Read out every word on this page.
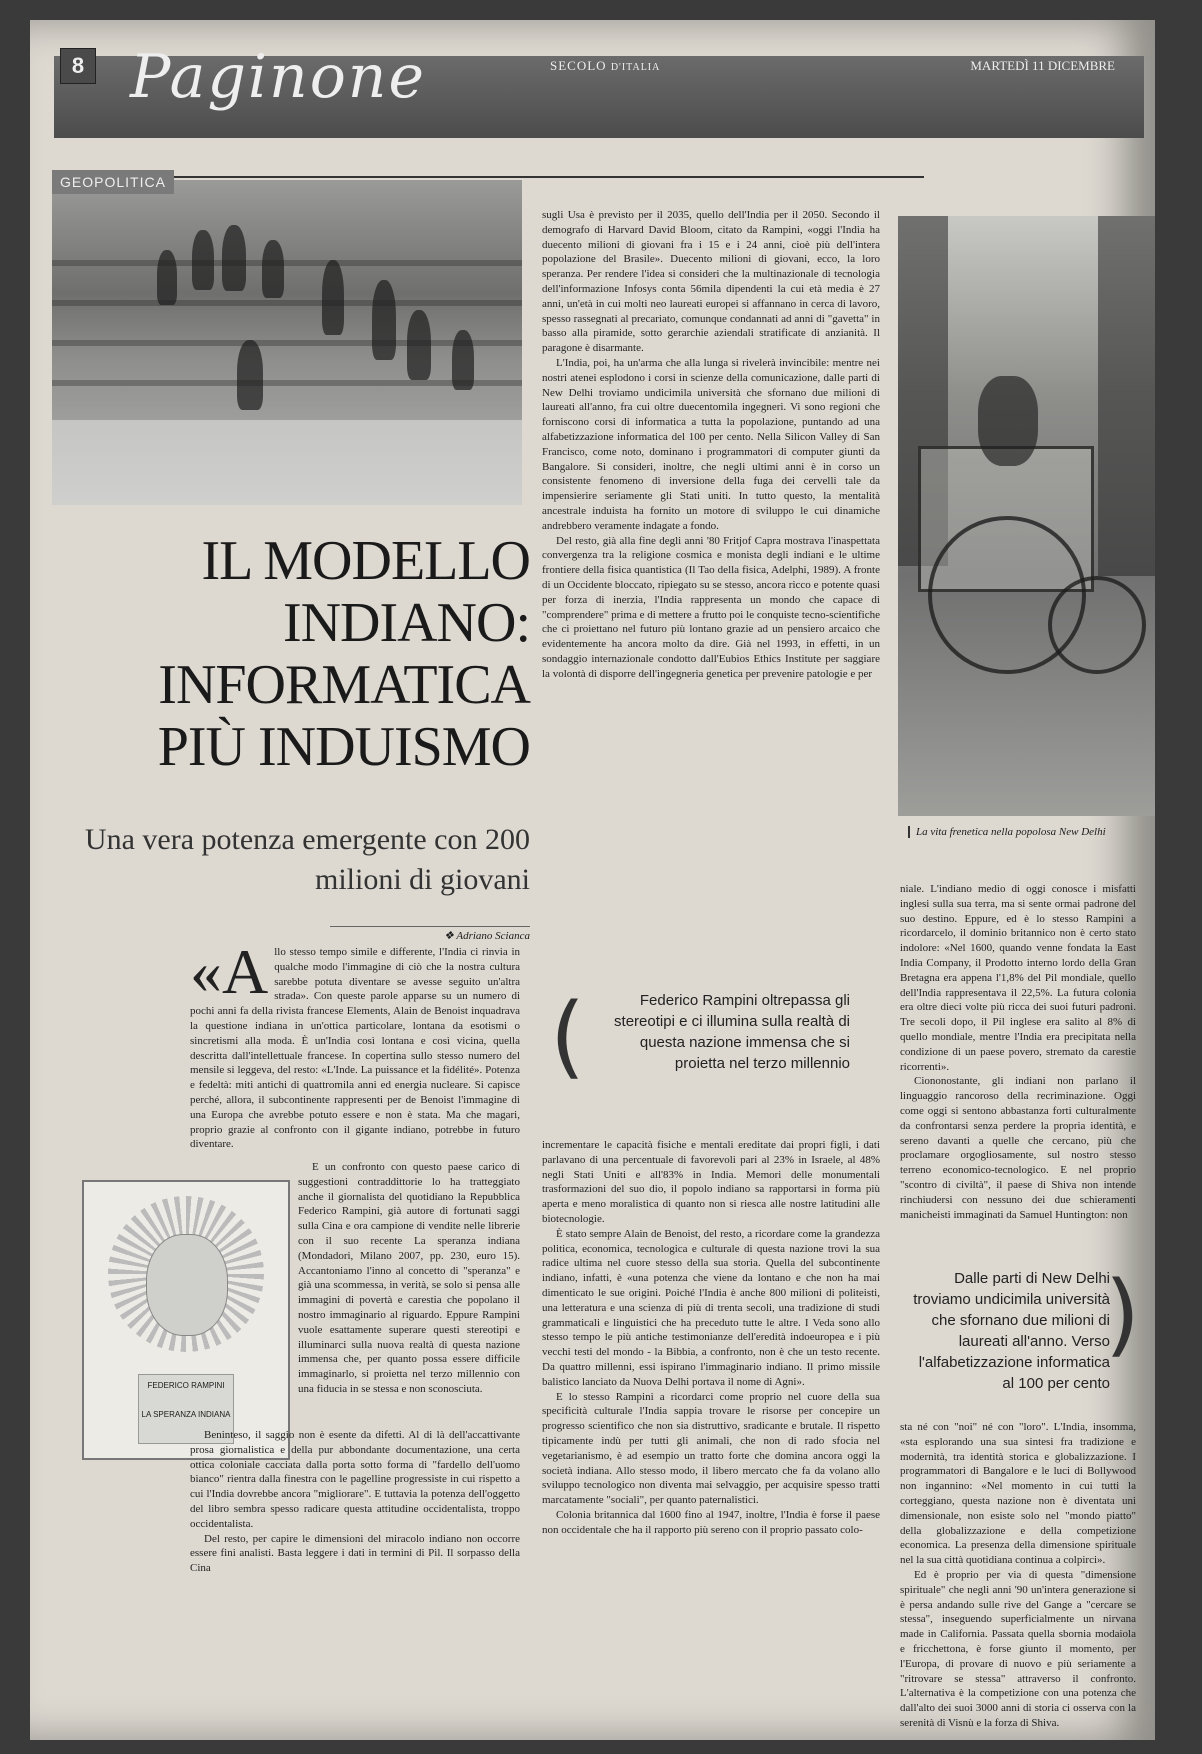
8 Paginone	SECOLO D'ITALIA	MARTEDÌ 11 DICEMBRE
GEOPOLITICA
La vita frenetica nella popolosa New Delhi
IL MODELLO INDIANO: INFORMATICA PIÙ INDUISMO
Una vera potenza emergente con 200 milioni di giovani
❖ Adriano Scianca

«Allo stesso tempo simile e differente, l'India ci rinvia in qualche modo l'immagine di ciò che la nostra cultura sarebbe potuta diventare se avesse seguito un'altra strada». Con queste parole apparse su un numero di pochi anni fa della rivista francese Elements, Alain de Benoist inquadrava la questione indiana in un'ottica particolare, lontana da esotismi o sincretismi alla moda. È un'India così lontana e così vicina, quella descritta dall'intellettuale francese. In copertina sullo stesso numero del mensile si leggeva, del resto: «L'Inde. La puissance et la fidélité». Potenza e fedeltà: miti antichi di quattromila anni ed energia nucleare. Si capisce perché, allora, il subcontinente rappresenti per de Benoist l'immagine di una Europa che avrebbe potuto essere e non è stata. Ma che magari, proprio grazie al confronto con il gigante indiano, potrebbe in futuro diventare.

FEDERICO RAMPINI
LA SPERANZA INDIANA

E un confronto con questo paese carico di suggestioni contraddittorie lo ha tratteggiato anche il giornalista del quotidiano la Repubblica Federico Rampini, già autore di fortunati saggi sulla Cina e ora campione di vendite nelle librerie con il suo recente La speranza indiana (Mondadori, Milano 2007, pp. 230, euro 15). Accantoniamo l'inno al concetto di "speranza" e già una scommessa, in verità, se solo si pensa alle immagini di povertà e carestia che popolano il nostro immaginario al riguardo. Eppure Rampini vuole esattamente superare questi stereotipi e illuminarci sulla nuova realtà di questa nazione immensa che, per quanto possa essere difficile immaginarlo, si proietta nel terzo millennio con una fiducia in se stessa e non sconosciuta.

Beninteso, il saggio non è esente da difetti. Al di là dell'accattivante prosa giornalistica e della pur abbondante documentazione, una certa ottica coloniale cacciata dalla porta sotto forma di "fardello dell'uomo bianco" rientra dalla finestra con le pagelline progressiste in cui rispetto a cui l'India dovrebbe ancora "migliorare". E tuttavia la potenza dell'oggetto del libro sembra spesso radicare questa attitudine occidentalista, troppo occidentalista.

Del resto, per capire le dimensioni del miracolo indiano non occorre essere fini analisti. Basta leggere i dati in termini di Pil. Il sorpasso della Cina

sugli Usa è previsto per il 2035, quello dell'India per il 2050. Secondo il demografo di Harvard David Bloom, citato da Rampini, «oggi l'India ha duecento milioni di giovani fra i 15 e i 24 anni, cioè più dell'intera popolazione del Brasile». Duecento milioni di giovani, ecco, la loro speranza. Per rendere l'idea si consideri che la multinazionale di tecnologia dell'informazione Infosys conta 56mila dipendenti la cui età media è 27 anni, un'età in cui molti neo laureati europei si affannano in cerca di lavoro, spesso rassegnati al precariato, comunque condannati ad anni di "gavetta" in basso alla piramide, sotto gerarchie aziendali stratificate di anzianità. Il paragone è disarmante.

L'India, poi, ha un'arma che alla lunga si rivelerà invincibile: mentre nei nostri atenei esplodono i corsi in scienze della comunicazione, dalle parti di New Delhi troviamo undicimila università che sfornano due milioni di laureati all'anno, fra cui oltre duecentomila ingegneri. Vi sono regioni che forniscono corsi di informatica a tutta la popolazione, puntando ad una alfabetizzazione informatica del 100 per cento. Nella Silicon Valley di San Francisco, come noto, dominano i programmatori di computer giunti da Bangalore. Si consideri, inoltre, che negli ultimi anni è in corso un consistente fenomeno di inversione della fuga dei cervelli tale da impensierire seriamente gli Stati uniti. In tutto questo, la mentalità ancestrale induista ha fornito un motore di sviluppo le cui dinamiche andrebbero veramente indagate a fondo.

Del resto, già alla fine degli anni '80 Fritjof Capra mostrava l'inaspettata convergenza tra la religione cosmica e monista degli indiani e le ultime frontiere della fisica quantistica (Il Tao della fisica, Adelphi, 1989). A fronte di un Occidente bloccato, ripiegato su se stesso, ancora ricco e potente quasi per forza di inerzia, l'India rappresenta un mondo che capace di "comprendere" prima e di mettere a frutto poi le conquiste tecno-scientifiche che ci proiettano nel futuro più lontano grazie ad un pensiero arcaico che evidentemente ha ancora molto da dire. Già nel 1993, in effetti, in un sondaggio internazionale condotto dall'Eubios Ethics Institute per saggiare la volontà di disporre dell'ingegneria genetica per prevenire patologie e per

(	Federico Rampini oltrepassa gli stereotipi e ci illumina sulla realtà di questa nazione immensa che si proietta nel terzo millennio

incrementare le capacità fisiche e mentali ereditate dai propri figli, i dati parlavano di una percentuale di favorevoli pari al 23% in Israele, al 48% negli Stati Uniti e all'83% in India. Memori delle monumentali trasformazioni del suo dio, il popolo indiano sa rapportarsi in forma più aperta e meno moralistica di quanto non si riesca alle nostre latitudini alle biotecnologie.

È stato sempre Alain de Benoist, del resto, a ricordare come la grandezza politica, economica, tecnologica e culturale di questa nazione trovi la sua radice ultima nel cuore stesso della sua storia. Quella del subcontinente indiano, infatti, è «una potenza che viene da lontano e che non ha mai dimenticato le sue origini. Poiché l'India è anche 800 milioni di politeisti, una letteratura e una scienza di più di trenta secoli, una tradizione di studi grammaticali e linguistici che ha preceduto tutte le altre. I Veda sono allo stesso tempo le più antiche testimonianze dell'eredità indoeuropea e i più vecchi testi del mondo - la Bibbia, a confronto, non è che un testo recente. Da quattro millenni, essi ispirano l'immaginario indiano. Il primo missile balistico lanciato da Nuova Delhi portava il nome di Agni».

E lo stesso Rampini a ricordarci come proprio nel cuore della sua specificità culturale l'India sappia trovare le risorse per concepire un progresso scientifico che non sia distruttivo, sradicante e brutale. Il rispetto tipicamente indù per tutti gli animali, che non di rado sfocia nel vegetarianismo, è ad esempio un tratto forte che domina ancora oggi la società indiana. Allo stesso modo, il libero mercato che fa da volano allo sviluppo tecnologico non diventa mai selvaggio, per acquisire spesso tratti marcatamente "sociali", per quanto paternalistici.

Colonia britannica dal 1600 fino al 1947, inoltre, l'India è forse il paese non occidentale che ha il rapporto più sereno con il proprio passato colo-

niale. L'indiano medio di oggi conosce i misfatti inglesi sulla sua terra, ma si sente ormai padrone del suo destino. Eppure, ed è lo stesso Rampini a ricordarcelo, il dominio britannico non è certo stato indolore: «Nel 1600, quando venne fondata la East India Company, il Prodotto interno lordo della Gran Bretagna era appena l'1,8% del Pil mondiale, quello dell'India rappresentava il 22,5%. La futura colonia era oltre dieci volte più ricca dei suoi futuri padroni. Tre secoli dopo, il Pil inglese era salito al 8% di quello mondiale, mentre l'India era precipitata nella condizione di un paese povero, stremato da carestie ricorrenti».

Ciononostante, gli indiani non parlano il linguaggio rancoroso della recriminazione. Oggi come oggi si sentono abbastanza forti culturalmente da confrontarsi senza perdere la propria identità, e sereno davanti a quelle che cercano, più che proclamare orgogliosamente, sul nostro stesso terreno economico-tecnologico. E nel proprio "scontro di civiltà", il paese di Shiva non intende rinchiudersi con nessuno dei due schieramenti manicheisti immaginati da Samuel Huntington: non

Dalle parti di New Delhi troviamo undicimila università che sfornano due milioni di laureati all'anno. Verso l'alfabetizzazione informatica al 100 per cento
)

sta né con "noi" né con "loro". L'India, insomma, «sta esplorando una sua sintesi fra tradizione e modernità, tra identità storica e globalizzazione. I programmatori di Bangalore e le luci di Bollywood non ingannino: «Nel momento in cui tutti la corteggiano, questa nazione non è diventata uni dimensionale, non esiste solo nel "mondo piatto" della globalizzazione e della competizione economica. La presenza della dimensione spirituale nel la sua città quotidiana continua a colpirci».

Ed è proprio per via di questa "dimensione spirituale" che negli anni '90 un'intera generazione si è persa andando sulle rive del Gange a "cercare se stessa", inseguendo superficialmente un nirvana made in California. Passata quella sbornia modaiola e fricchettona, è forse giunto il momento, per l'Europa, di provare di nuovo e più seriamente a "ritrovare se stessa" attraverso il confronto. L'alternativa è la competizione con una potenza che dall'alto dei suoi 3000 anni di storia ci osserva con la serenità di Visnù e la forza di Shiva.
